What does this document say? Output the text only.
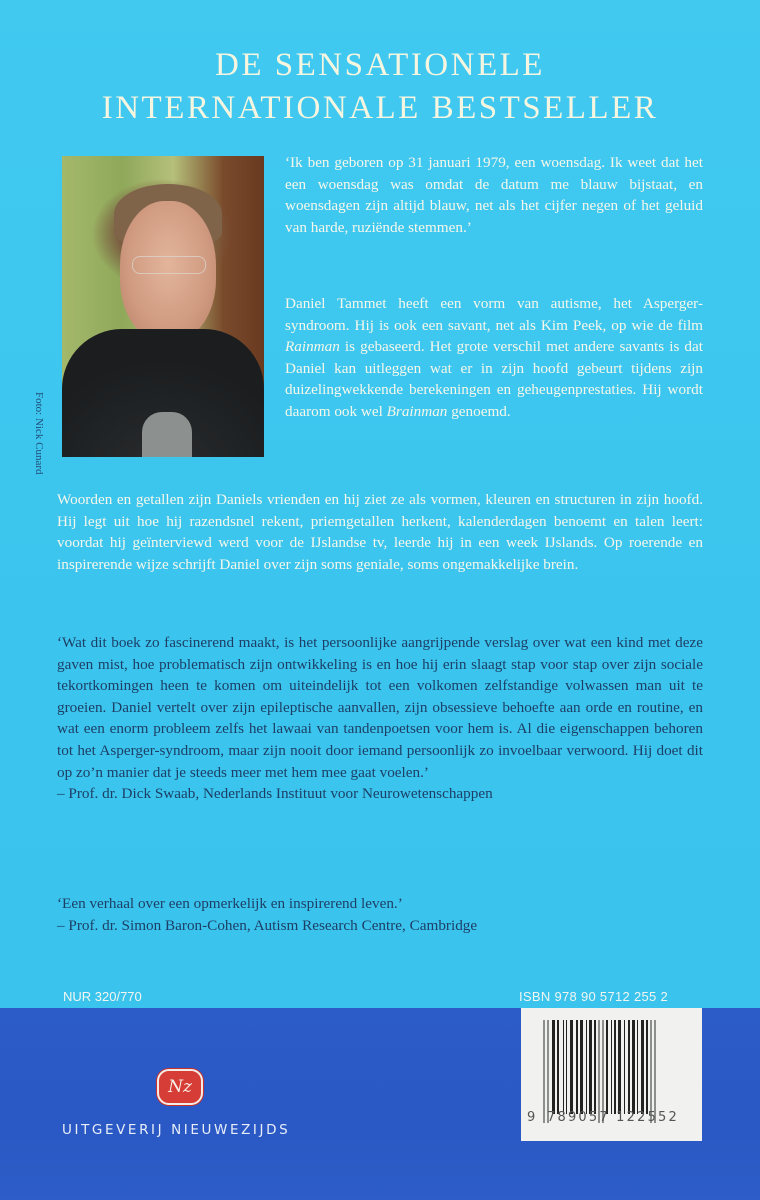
DE SENSATIONELE
INTERNATIONALE BESTSELLER
Foto: Nick Cunard

‘Ik ben geboren op 31 januari 1979, een woensdag. Ik weet dat het een woensdag was omdat de datum me blauw bijstaat, en woensdagen zijn altijd blauw, net als het cijfer negen of het geluid van harde, ruziënde stemmen.’

Daniel Tammet heeft een vorm van autisme, het Asperger-syndroom. Hij is ook een savant, net als Kim Peek, op wie de film Rainman is gebaseerd. Het grote verschil met andere savants is dat Daniel kan uitleggen wat er in zijn hoofd gebeurt tijdens zijn duizelingwekkende berekeningen en geheugenprestaties. Hij wordt daarom ook wel Brainman genoemd.

Woorden en getallen zijn Daniels vrienden en hij ziet ze als vormen, kleuren en structuren in zijn hoofd. Hij legt uit hoe hij razendsnel rekent, priemgetallen herkent, kalenderdagen benoemt en talen leert: voordat hij geïnterviewd werd voor de IJslandse tv, leerde hij in een week IJslands. Op roerende en inspirerende wijze schrijft Daniel over zijn soms geniale, soms ongemakkelijke brein.

‘Wat dit boek zo fascinerend maakt, is het persoonlijke aangrijpende verslag over wat een kind met deze gaven mist, hoe problematisch zijn ontwikkeling is en hoe hij erin slaagt stap voor stap over zijn sociale tekortkomingen heen te komen om uiteindelijk tot een volkomen zelfstandige volwassen man uit te groeien. Daniel vertelt over zijn epileptische aanvallen, zijn obsessieve behoefte aan orde en routine, en wat een enorm probleem zelfs het lawaai van tandenpoetsen voor hem is. Al die eigenschappen behoren tot het Asperger-syndroom, maar zijn nooit door iemand persoonlijk zo invoelbaar verwoord. Hij doet dit op zo’n manier dat je steeds meer met hem mee gaat voelen.’
– Prof. dr. Dick Swaab, Nederlands Instituut voor Neurowetenschappen
‘Een verhaal over een opmerkelijk en inspirerend leven.’
– Prof. dr. Simon Baron-Cohen, Autism Research Centre, Cambridge
NUR 320/770	ISBN 978 90 5712 255 2
Nz
UITGEVERIJ NIEUWEZIJDS
9 789057 122552
